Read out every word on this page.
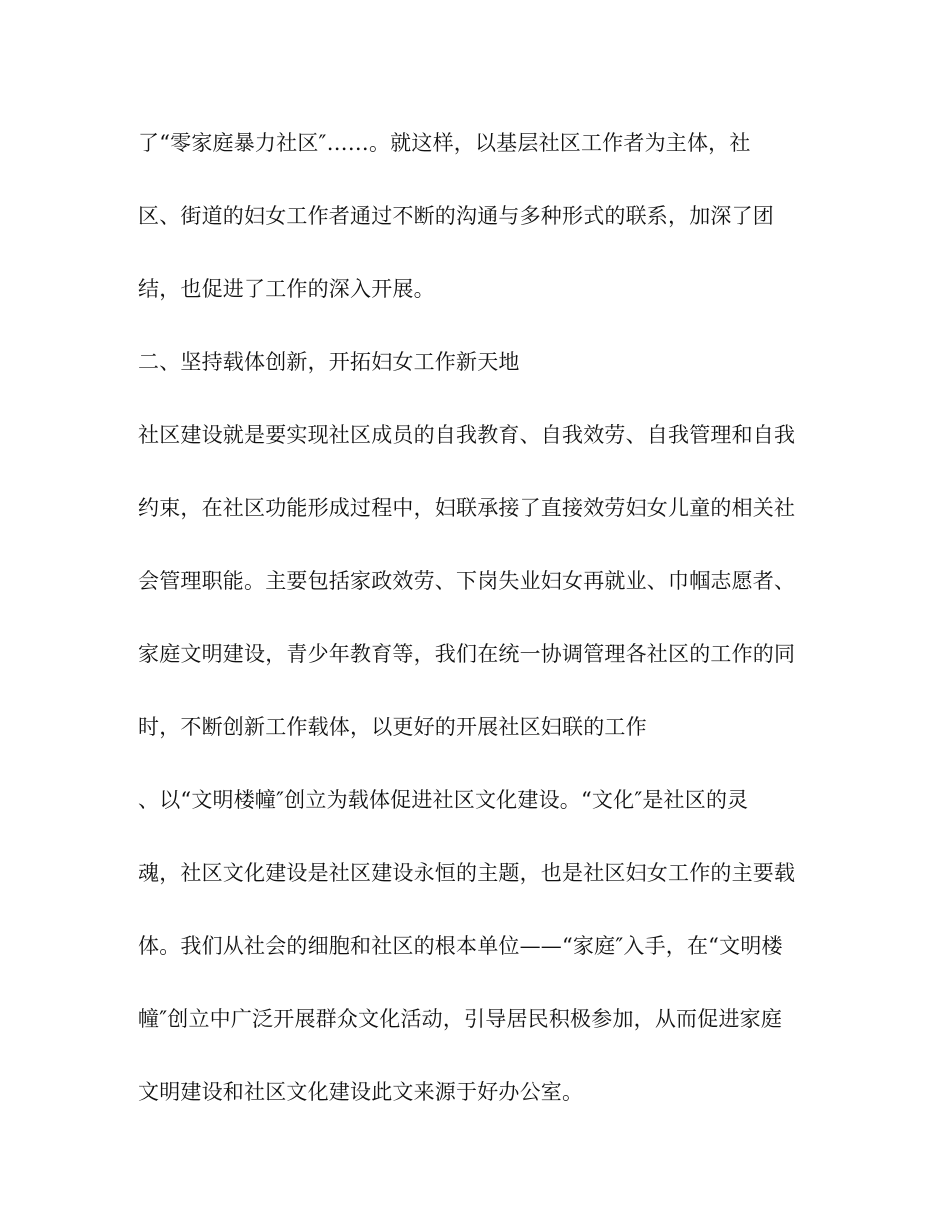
了“零家庭暴力社区″……。就这样，以基层社区工作者为主体，社
区、街道的妇女工作者通过不断的沟通与多种形式的联系，加深了团
结，也促进了工作的深入开展。
二、坚持载体创新，开拓妇女工作新天地
社区建设就是要实现社区成员的自我教育、自我效劳、自我管理和自我
约束，在社区功能形成过程中，妇联承接了直接效劳妇女儿童的相关社
会管理职能。主要包括家政效劳、下岗失业妇女再就业、巾帼志愿者、
家庭文明建设，青少年教育等，我们在统一协调管理各社区的工作的同
时，不断创新工作载体，以更好的开展社区妇联的工作
、以“文明楼幢″创立为载体促进社区文化建设。“文化″是社区的灵
魂，社区文化建设是社区建设永恒的主题，也是社区妇女工作的主要载
体。我们从社会的细胞和社区的根本单位——“家庭″入手，在“文明楼
幢″创立中广泛开展群众文化活动，引导居民积极参加，从而促进家庭
文明建设和社区文化建设此文来源于好办公室。
